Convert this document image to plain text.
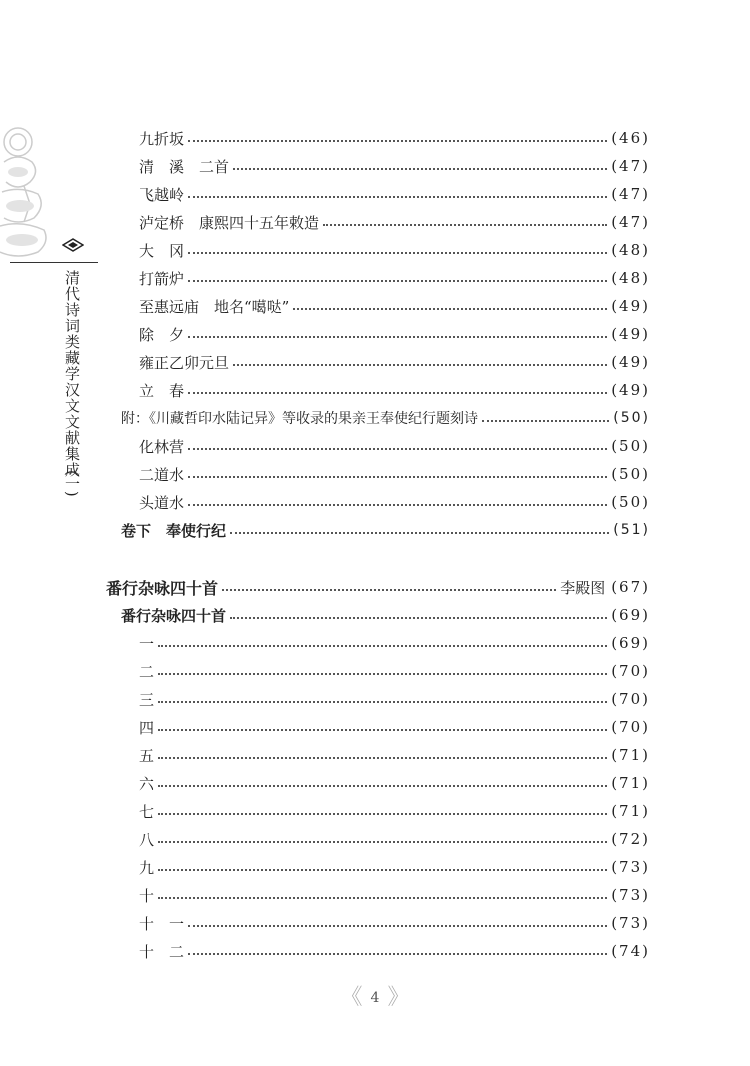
清代诗词类藏学汉文文献集成
(一)
九折坂	(46)
清　溪　二首	(47)
飞越岭	(47)
泸定桥　康熙四十五年敕造	(47)
大　冈	(48)
打箭炉	(48)
至惠远庙　地名“噶哒”	(49)
除　夕	(49)
雍正乙卯元旦	(49)
立　春	(49)
附：《川藏哲印水陆记异》等收录的果亲王奉使纪行题刻诗	(50)
化林营	(50)
二道水	(50)
头道水	(50)
卷下　奉使行纪	(51)
番行杂咏四十首	李殿图 (67)
番行杂咏四十首	(69)
一	(69)
二	(70)
三	(70)
四	(70)
五	(71)
六	(71)
七	(71)
八	(72)
九	(73)
十	(73)
十　一	(73)
十　二	(74)
《 4 》
